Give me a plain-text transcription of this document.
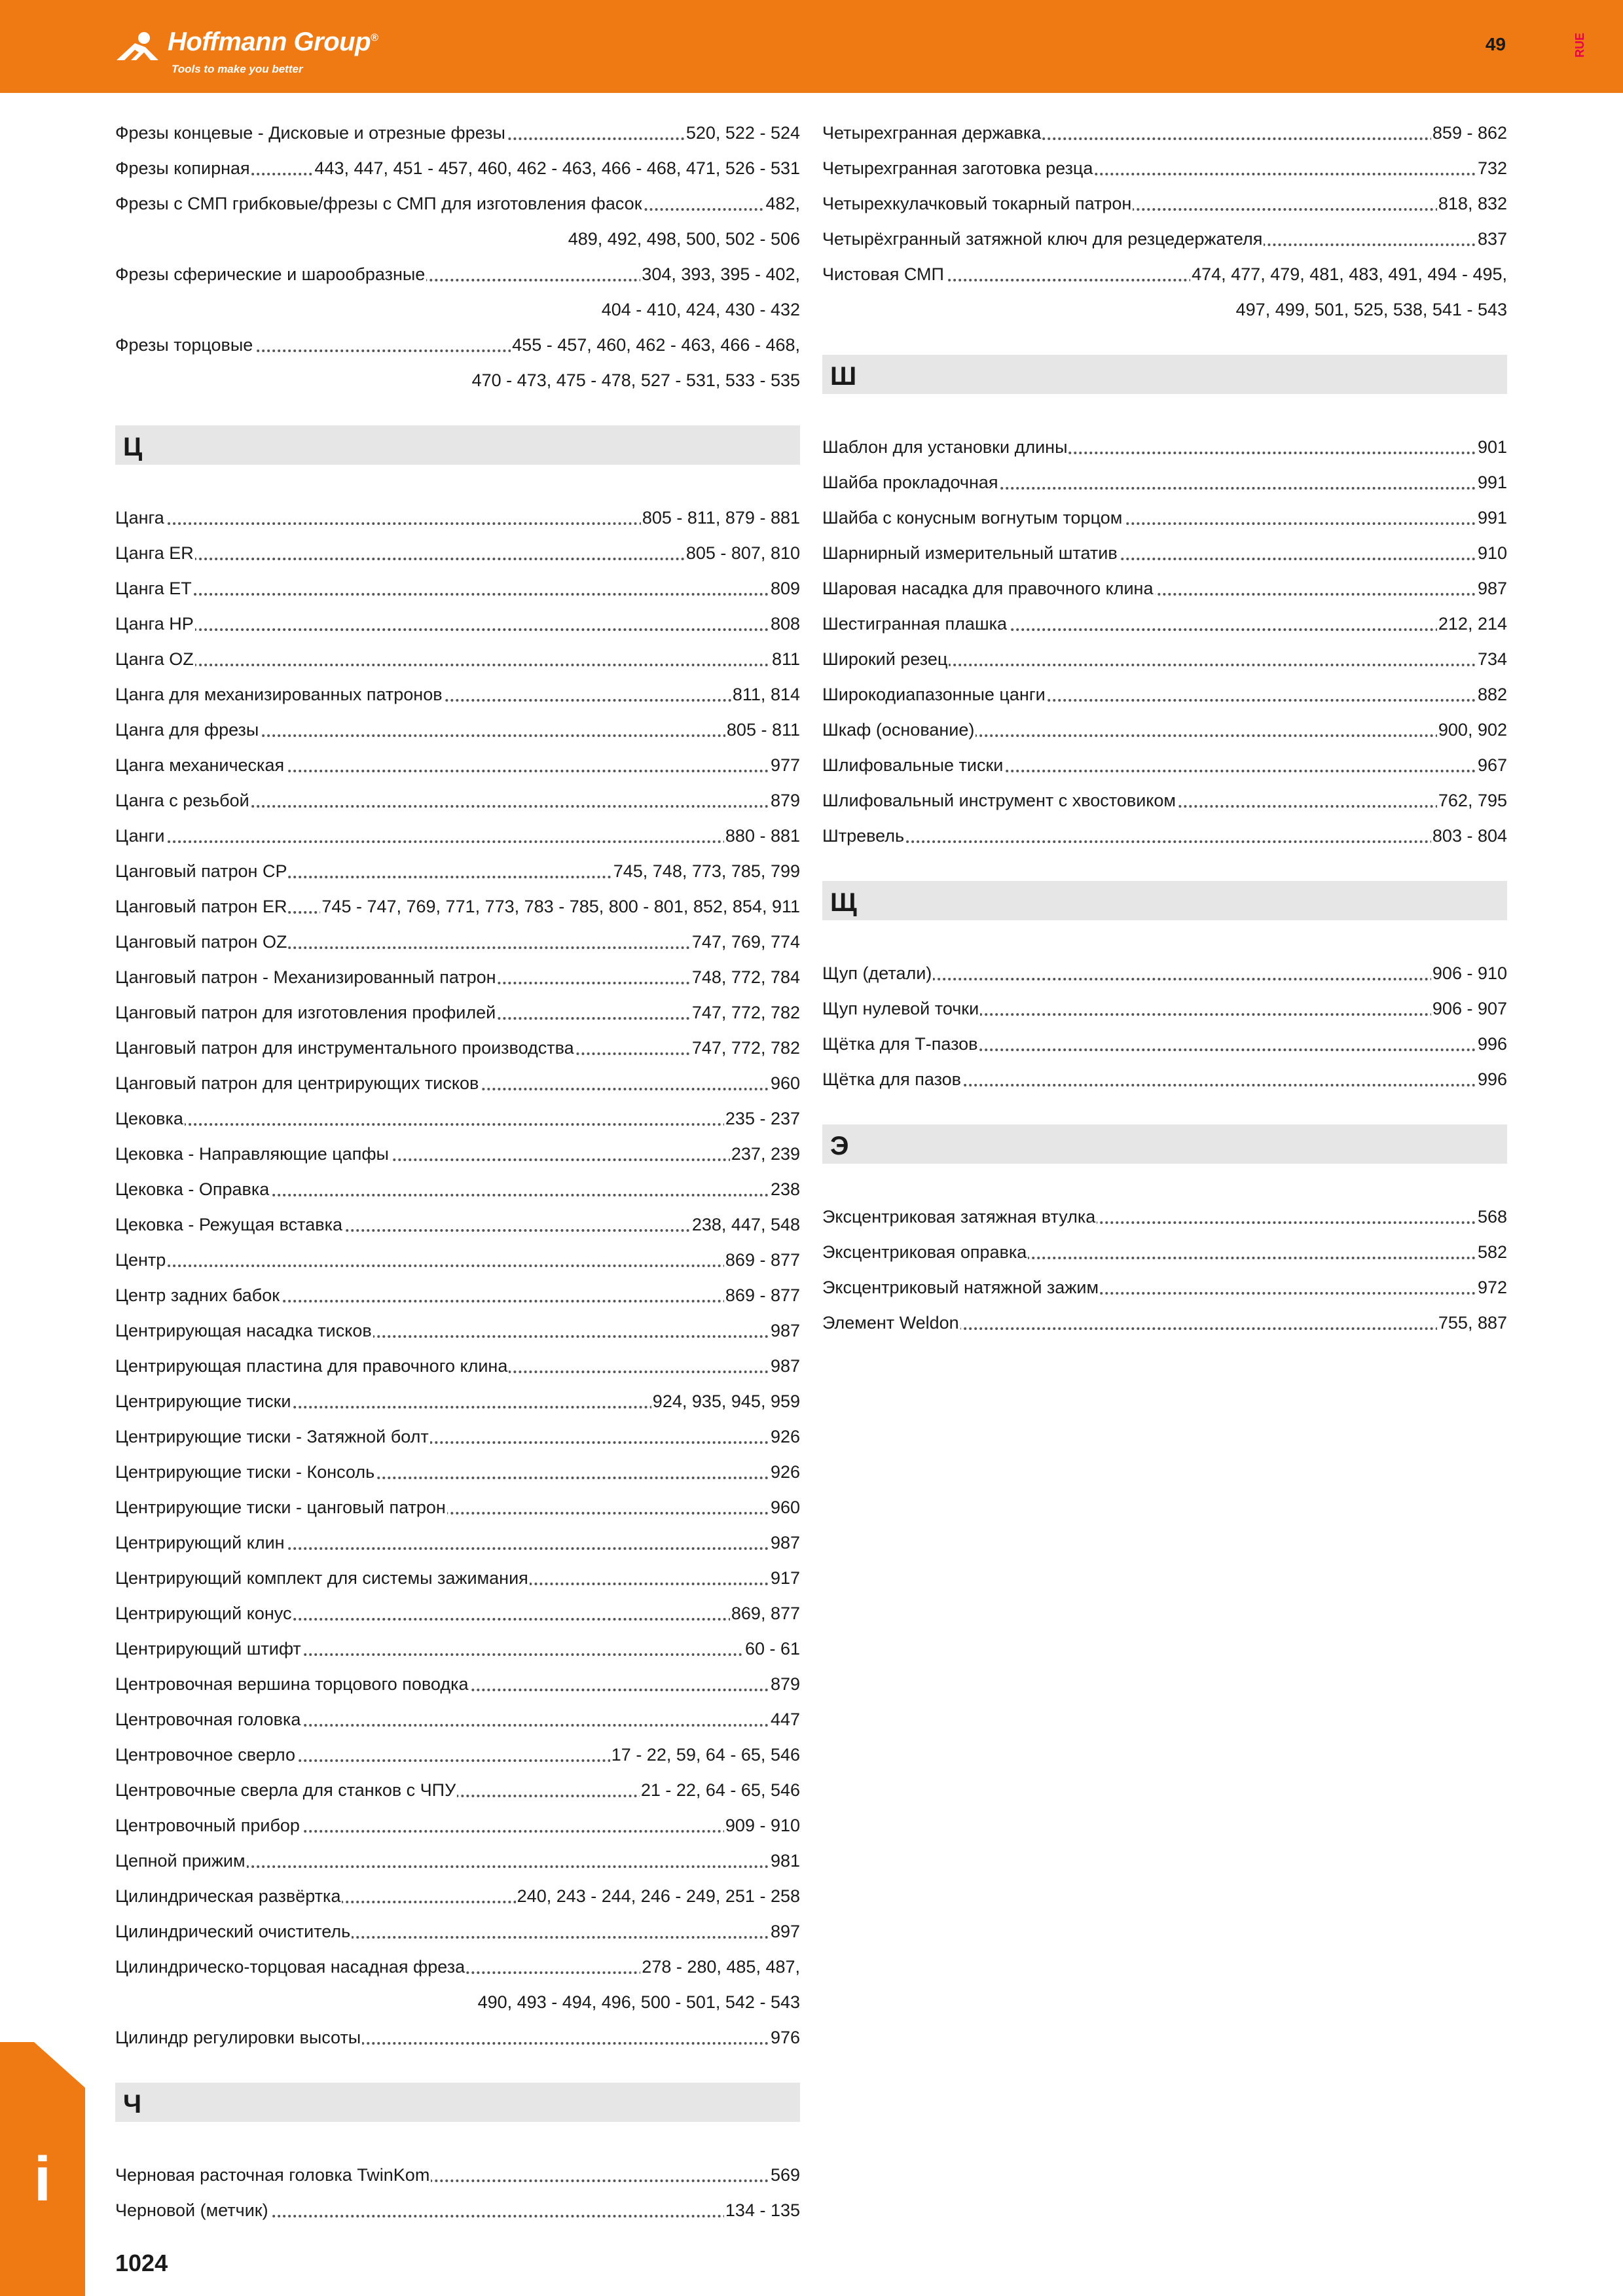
Hoffmann Group®
Tools to make you better
49	RUE
Фрезы концевые - Дисковые и отрезные фрезы	520, 522 - 524
Фрезы копирная	443, 447, 451 - 457, 460, 462 - 463, 466 - 468, 471, 526 - 531
Фрезы с СМП грибковые/фрезы с СМП для изготовления фасок	482,
489, 492, 498, 500, 502 - 506
Фрезы сферические и шарообразные	304, 393, 395 - 402,
404 - 410, 424, 430 - 432
Фрезы торцовые	455 - 457, 460, 462 - 463, 466 - 468,
470 - 473, 475 - 478, 527 - 531, 533 - 535
Ц
Цанга	805 - 811, 879 - 881
Цанга ER	805 - 807, 810
Цанга ET	809
Цанга HP	808
Цанга OZ	811
Цанга для механизированных патронов	811, 814
Цанга для фрезы	805 - 811
Цанга механическая	977
Цанга с резьбой	879
Цанги	880 - 881
Цанговый патрон CP	745, 748, 773, 785, 799
Цанговый патрон ER 745 - 747, 769, 771, 773, 783 - 785, 800 - 801, 852, 854, 911
Цанговый патрон OZ	747, 769, 774
Цанговый патрон - Механизированный патрон	748, 772, 784
Цанговый патрон для изготовления профилей	747, 772, 782
Цанговый патрон для инструментального производства	747, 772, 782
Цанговый патрон для центрирующих тисков	960
Цековка	235 - 237
Цековка - Направляющие цапфы	237, 239
Цековка - Оправка	238
Цековка - Режущая вставка	238, 447, 548
Центр	869 - 877
Центр задних бабок	869 - 877
Центрирующая насадка тисков	987
Центрирующая пластина для правочного клина	987
Центрирующие тиски	924, 935, 945, 959
Центрирующие тиски - Затяжной болт	926
Центрирующие тиски - Консоль	926
Центрирующие тиски - цанговый патрон	960
Центрирующий клин	987
Центрирующий комплект для системы зажимания	917
Центрирующий конус	869, 877
Центрирующий штифт	60 - 61
Центровочная вершина торцового поводка	879
Центровочная головка	447
Центровочное сверло	17 - 22, 59, 64 - 65, 546
Центровочные сверла для станков с ЧПУ	21 - 22, 64 - 65, 546
Центровочный прибор	909 - 910
Цепной прижим	981
Цилиндрическая развёртка	240, 243 - 244, 246 - 249, 251 - 258
Цилиндрический очиститель	897
Цилиндрическо-торцовая насадная фреза	278 - 280, 485, 487,
490, 493 - 494, 496, 500 - 501, 542 - 543
Цилиндр регулировки высоты	976
Ч
Черновая расточная головка TwinKom	569
Черновой (метчик)	134 - 135
Четырехгранная державка	859 - 862
Четырехгранная заготовка резца	732
Четырехкулачковый токарный патрон	818, 832
Четырёхгранный затяжной ключ для резцедержателя	837
Чистовая СМП	474, 477, 479, 481, 483, 491, 494 - 495,
497, 499, 501, 525, 538, 541 - 543
Ш
Шаблон для установки длины	901
Шайба прокладочная	991
Шайба с конусным вогнутым торцом	991
Шарнирный измерительный штатив	910
Шаровая насадка для правочного клина	987
Шестигранная плашка	212, 214
Широкий резец	734
Широкодиапазонные цанги	882
Шкаф (основание)	900, 902
Шлифовальные тиски	967
Шлифовальный инструмент с хвостовиком	762, 795
Штревель	803 - 804
Щ
Щуп (детали)	906 - 910
Щуп нулевой точки	906 - 907
Щётка для Т-пазов	996
Щётка для пазов	996
Э
Эксцентриковая затяжная втулка	568
Эксцентриковая оправка	582
Эксцентриковый натяжной зажим	972
Элемент Weldon	755, 887
i
1024
